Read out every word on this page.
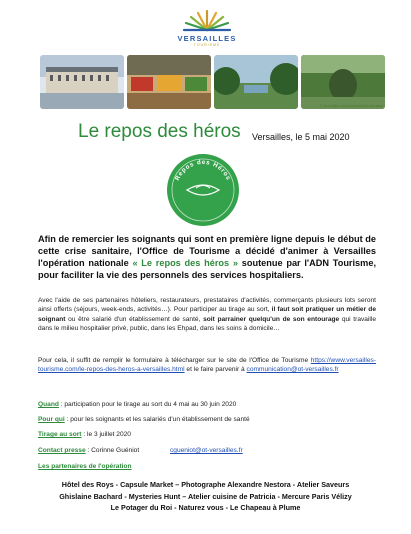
VERSAILLES
TOURISME
© destination-chateauversailles-tourisme
Le repos des héros Versailles, le 5 mai 2020
Repos des Héros
Afin de remercier les soignants qui sont en première ligne depuis le début de cette crise sanitaire, l'Office de Tourisme a décidé d'animer à Versailles l'opération nationale « Le repos des héros » soutenue par l'ADN Tourisme, pour faciliter la vie des personnels des services hospitaliers.
Avec l'aide de ses partenaires hôteliers, restaurateurs, prestataires d'activités, commerçants plusieurs lots seront ainsi offerts (séjours, week-ends, activités…). Pour participer au tirage au sort, il faut soit pratiquer un métier de soignant ou être salarié d'un établissement de santé, soit parrainer quelqu'un de son entourage qui travaille dans le milieu hospitalier privé, public, dans les Ehpad, dans les soins à domicile…
Pour cela, il suffit de remplir le formulaire à télécharger sur le site de l'Office de Tourisme https://www.versailles-tourisme.com/le-repos-des-heros-a-versailles.html et le faire parvenir à communication@ot-versailles.fr
Quand : participation pour le tirage au sort du 4 mai au 30 juin 2020
Pour qui : pour les soignants et les salariés d'un établissement de santé
Tirage au sort : le 3 juillet 2020
Contact presse : Corinne Guéniot	cgueniot@ot-versailles.fr
Les partenaires de l'opération
Hôtel des Roys - Capsule Market – Photographe Alexandre Nestora - Atelier Saveurs
Ghislaine Bachard - Mysteries Hunt – Atelier cuisine de Patricia - Mercure Paris Vélizy
Le Potager du Roi - Naturez vous - Le Chapeau à Plume
